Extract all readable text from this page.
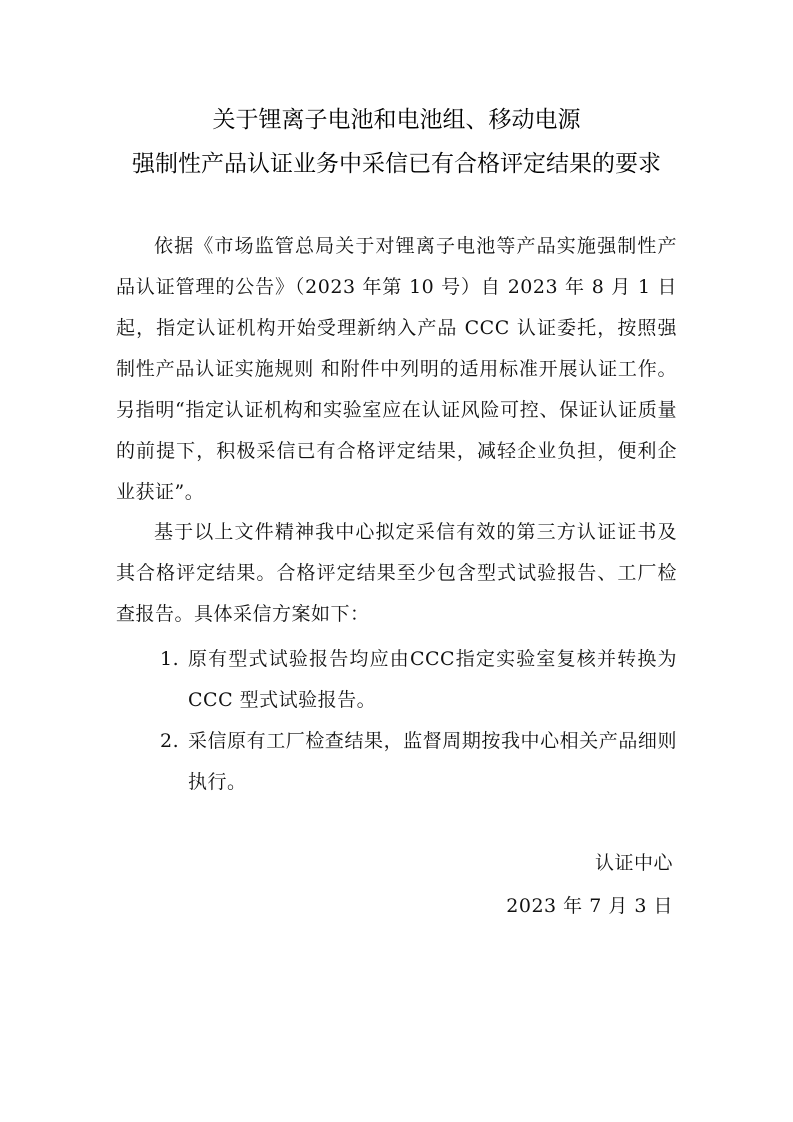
关于锂离子电池和电池组、移动电源
强制性产品认证业务中采信已有合格评定结果的要求

依据《市场监管总局关于对锂离子电池等产品实施强制性产品认证管理的公告》（2023 年第 10 号）自 2023 年 8 月 1 日起，指定认证机构开始受理新纳入产品 CCC 认证委托，按照强制性产品认证实施规则 和附件中列明的适用标准开展认证工作。另指明“指定认证机构和实验室应在认证风险可控、保证认证质量的前提下，积极采信已有合格评定结果，减轻企业负担，便利企业获证”。

基于以上文件精神我中心拟定采信有效的第三方认证证书及其合格评定结果。合格评定结果至少包含型式试验报告、工厂检查报告。具体采信方案如下：

1. 原有型式试验报告均应由CCC指定实验室复核并转换为 CCC 型式试验报告。
2. 采信原有工厂检查结果，监督周期按我中心相关产品细则执行。
认证中心
2023 年 7 月 3 日
